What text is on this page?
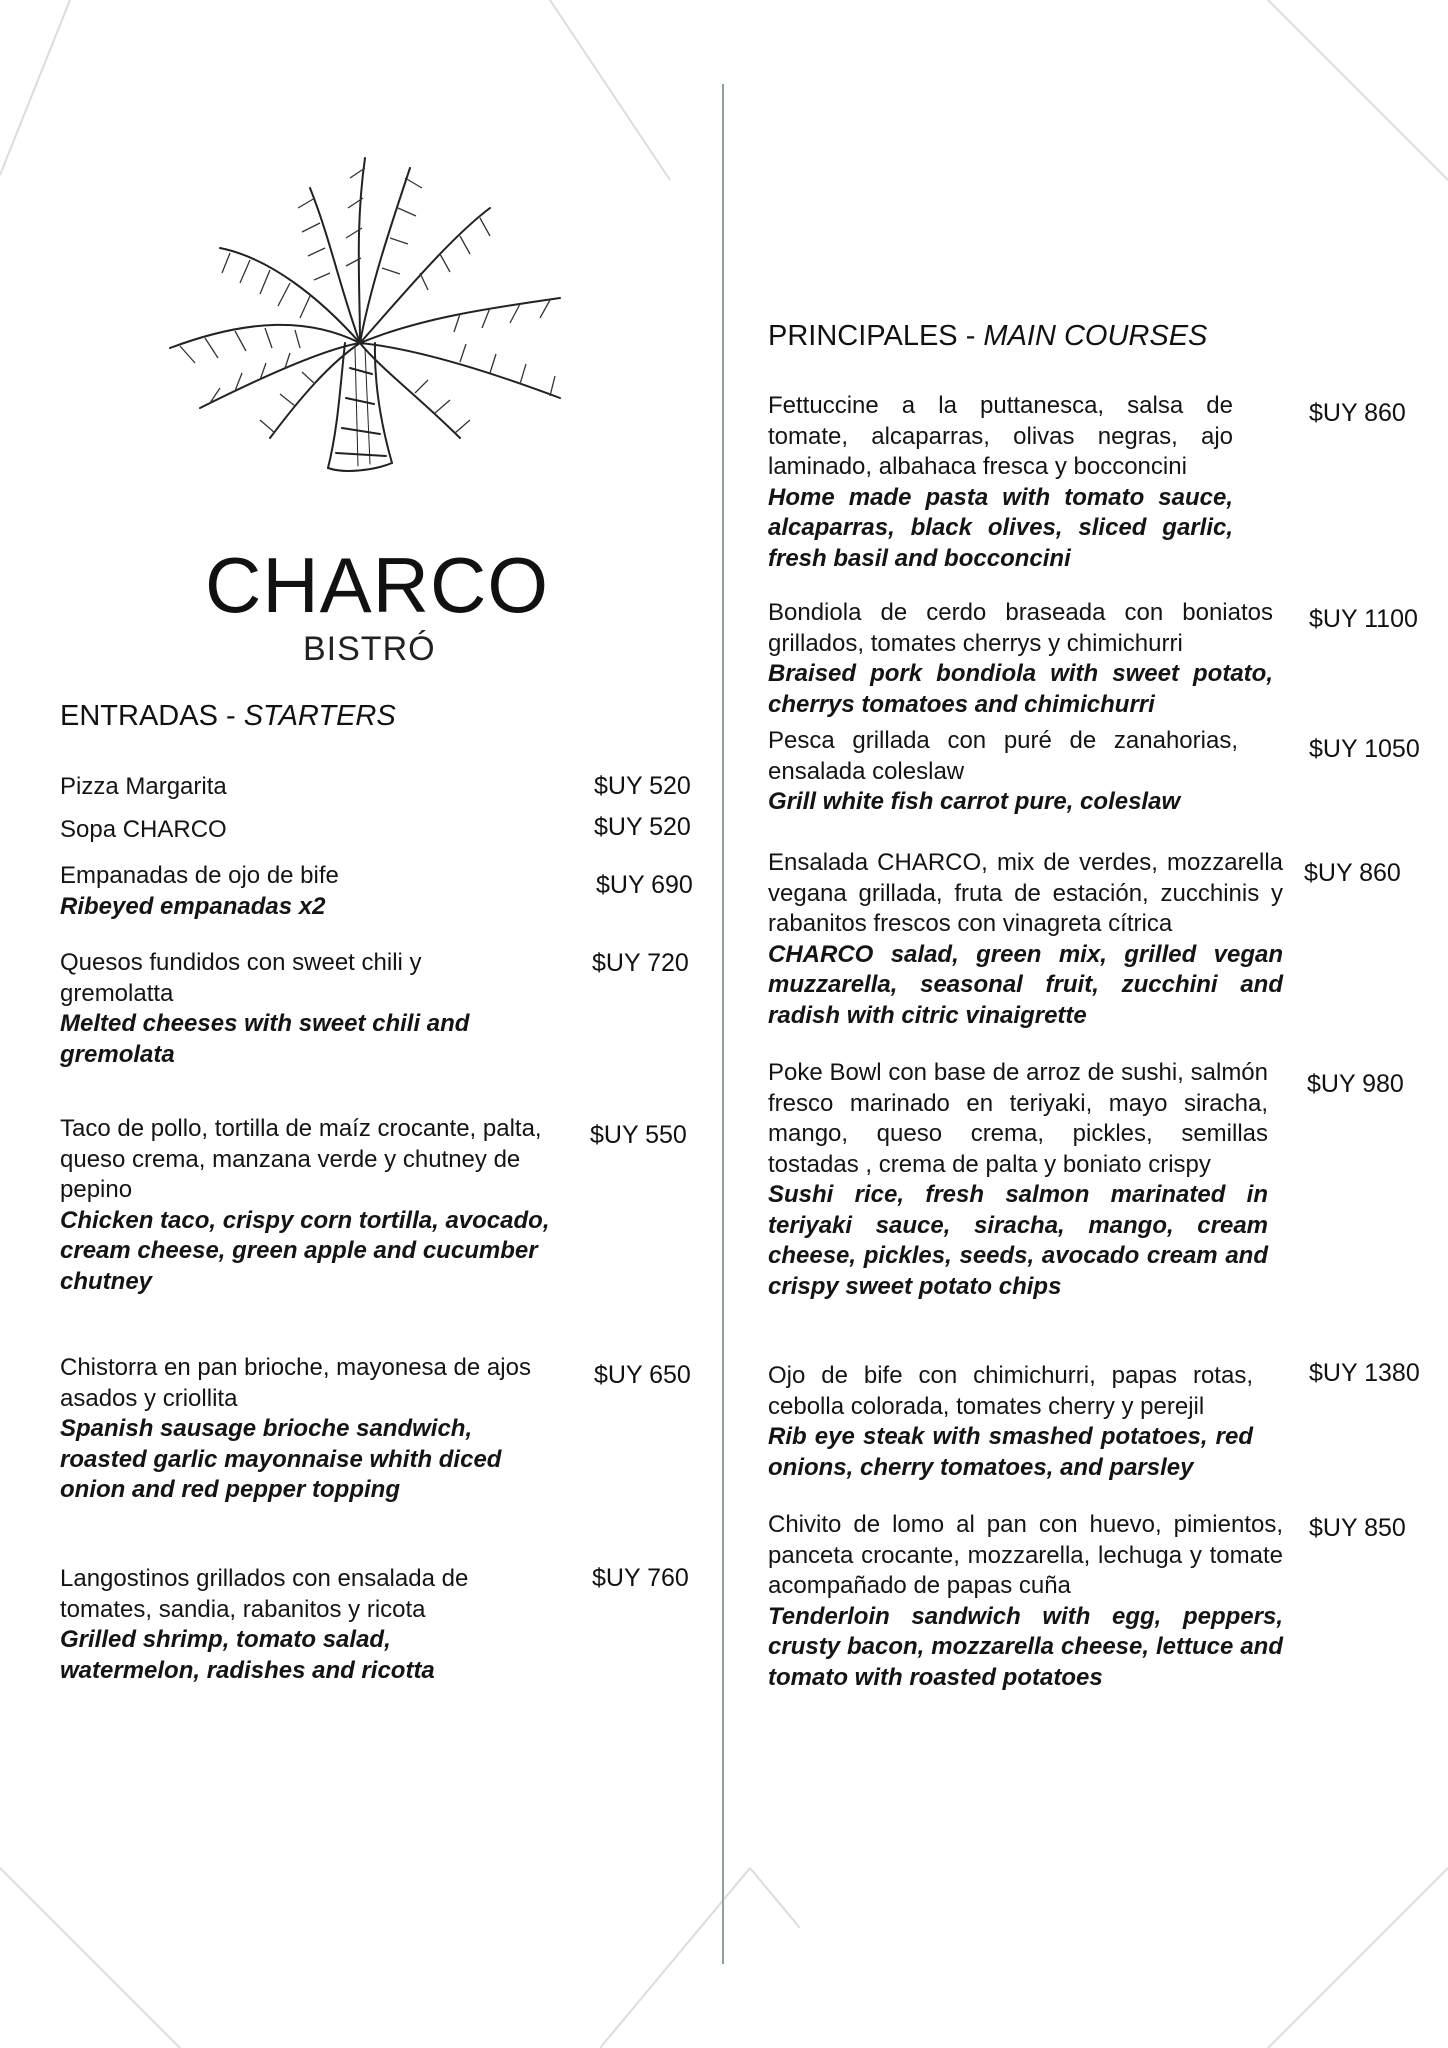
CHARCO
BISTRÓ
ENTRADAS - STARTERS
Pizza Margarita	$UY 520
Sopa CHARCO	$UY 520
Empanadas de ojo de bife
Ribeyed empanadas x2
$UY 690
Quesos fundidos con sweet chili y gremolatta
Melted cheeses with sweet chili and gremolata
$UY 720
Taco de pollo, tortilla de maíz crocante, palta, queso crema, manzana verde y chutney de pepino
Chicken taco, crispy corn tortilla, avocado, cream cheese, green apple and cucumber chutney
$UY 550
Chistorra en pan brioche, mayonesa de ajos asados y criollita
Spanish sausage brioche sandwich, roasted garlic mayonnaise whith diced onion and red pepper topping
$UY 650
Langostinos grillados con ensalada de tomates, sandia, rabanitos y ricota
Grilled shrimp, tomato salad, watermelon, radishes and ricotta
$UY 760
PRINCIPALES - MAIN COURSES
Fettuccine a la puttanesca, salsa de tomate, alcaparras, olivas negras, ajo laminado, albahaca fresca y bocconcini
Home made pasta with tomato sauce, alcaparras, black olives, sliced garlic, fresh basil and bocconcini
$UY 860
Bondiola de cerdo braseada con boniatos grillados, tomates cherrys y chimichurri
Braised pork bondiola with sweet potato, cherrys tomatoes and chimichurri
$UY 1100
Pesca grillada con puré de zanahorias, ensalada coleslaw
Grill white fish carrot pure, coleslaw
$UY 1050
Ensalada CHARCO, mix de verdes, mozzarella vegana grillada, fruta de estación, zucchinis y rabanitos frescos con vinagreta cítrica
CHARCO salad, green mix, grilled vegan muzzarella, seasonal fruit, zucchini and radish with citric vinaigrette
$UY 860
Poke Bowl con base de arroz de sushi, salmón fresco marinado en teriyaki, mayo siracha, mango, queso crema, pickles, semillas tostadas , crema de palta y boniato crispy
Sushi rice, fresh salmon marinated in teriyaki sauce, siracha, mango, cream cheese, pickles, seeds, avocado cream and crispy sweet potato chips
$UY 980
Ojo de bife con chimichurri, papas rotas, cebolla colorada, tomates cherry y perejil
Rib eye steak with smashed potatoes, red onions, cherry tomatoes, and parsley
$UY 1380
Chivito de lomo al pan con huevo, pimientos, panceta crocante, mozzarella, lechuga y tomate acompañado de papas cuña
Tenderloin sandwich with egg, peppers, crusty bacon, mozzarella cheese, lettuce and tomato with roasted potatoes
$UY 850
